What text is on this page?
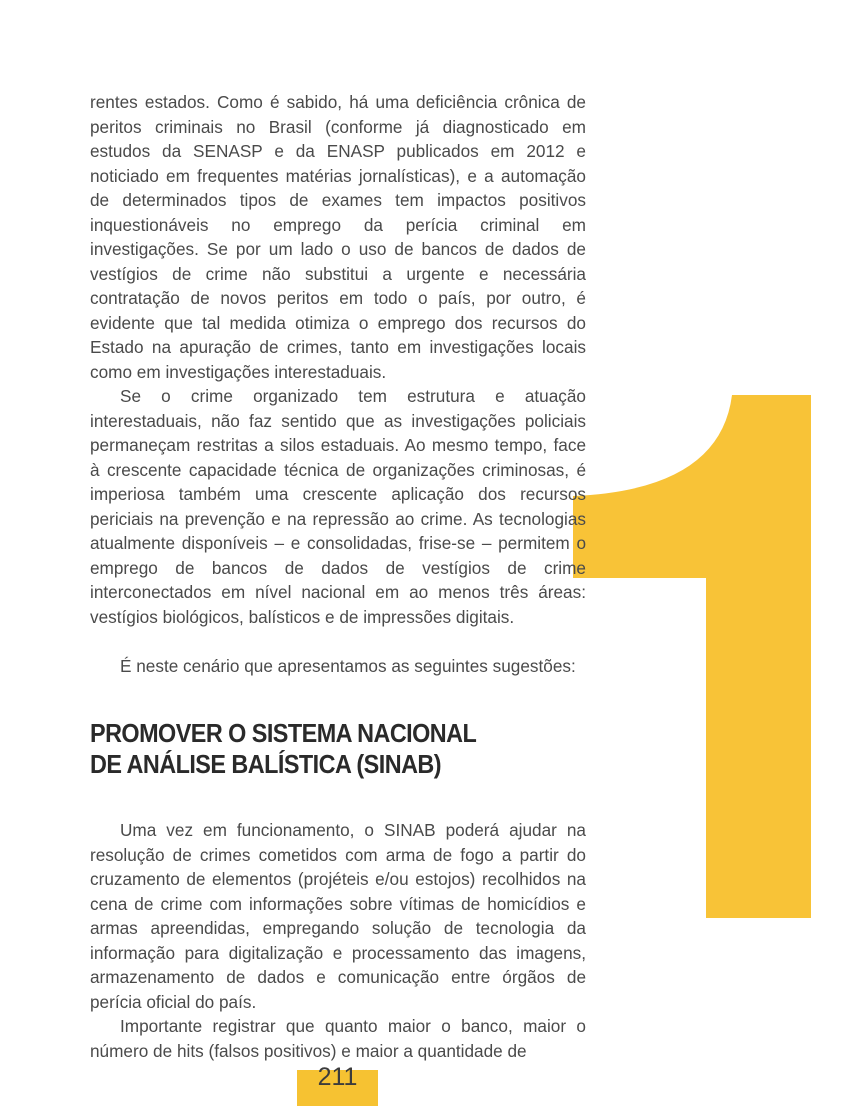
rentes estados. Como é sabido, há uma deficiência crônica de peritos criminais no Brasil (conforme já diagnosticado em estudos da SENASP e da ENASP publicados em 2012 e noticiado em frequentes matérias jornalísticas), e a automação de determinados tipos de exames tem impactos positivos inquestionáveis no emprego da perícia criminal em investigações. Se por um lado o uso de bancos de dados de vestígios de crime não substitui a urgente e necessária contratação de novos peritos em todo o país, por outro, é evidente que tal medida otimiza o emprego dos recursos do Estado na apuração de crimes, tanto em investigações locais como em investigações interestaduais.

Se o crime organizado tem estrutura e atuação interestaduais, não faz sentido que as investigações policiais permaneçam restritas a silos estaduais. Ao mesmo tempo, face à crescente capacidade técnica de organizações criminosas, é imperiosa também uma crescente aplicação dos recursos periciais na prevenção e na repressão ao crime. As tecnologias atualmente disponíveis – e consolidadas, frise-se – permitem o emprego de bancos de dados de vestígios de crime interconectados em nível nacional em ao menos três áreas: vestígios biológicos, balísticos e de impressões digitais.

É neste cenário que apresentamos as seguintes sugestões:

PROMOVER O SISTEMA NACIONAL
DE ANÁLISE BALÍSTICA (SINAB)

Uma vez em funcionamento, o SINAB poderá ajudar na resolução de crimes cometidos com arma de fogo a partir do cruzamento de elementos (projéteis e/ou estojos) recolhidos na cena de crime com informações sobre vítimas de homicídios e armas apreendidas, empregando solução de tecnologia da informação para digitalização e processamento das imagens, armazenamento de dados e comunicação entre órgãos de perícia oficial do país.

Importante registrar que quanto maior o banco, maior o número de hits (falsos positivos) e maior a quantidade de

211
